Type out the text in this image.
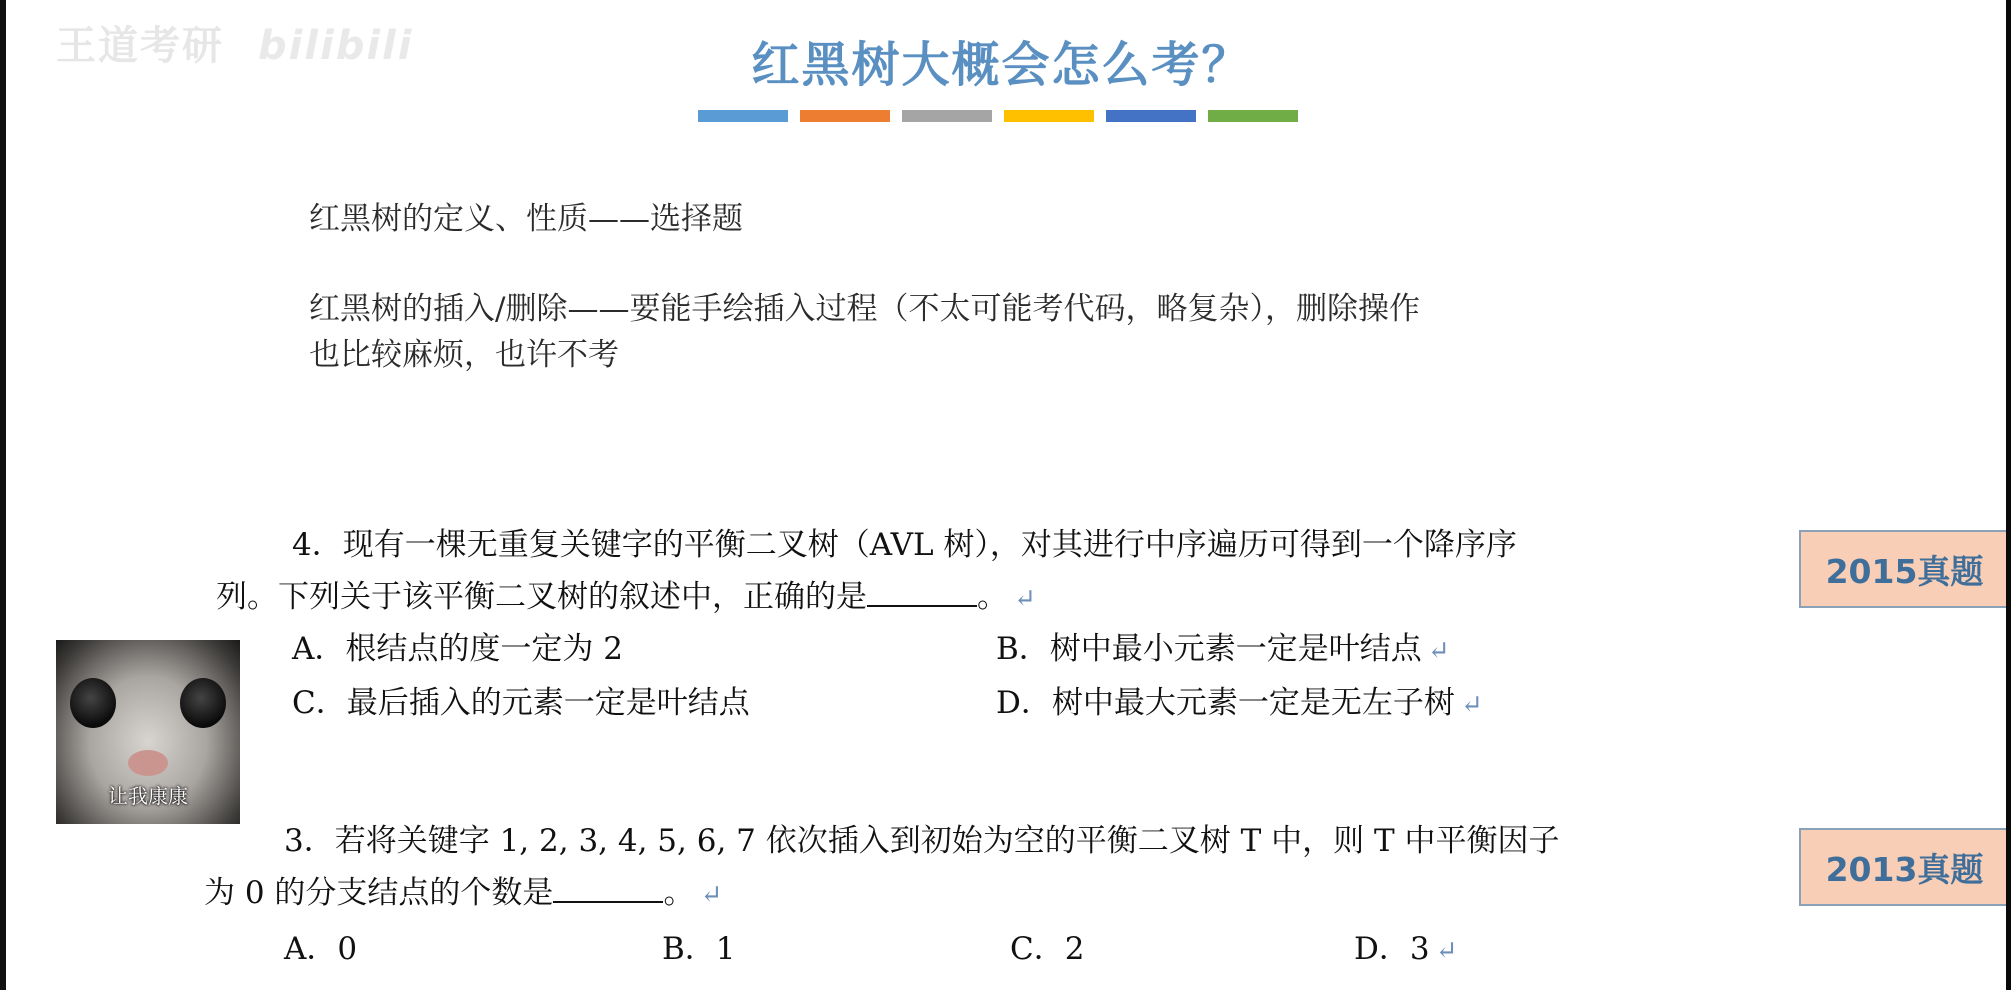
王道考研 bilibili	红黑树大概会怎么考？
红黑树的定义、性质——选择题
红黑树的插入/删除——要能手绘插入过程（不太可能考代码，略复杂），删除操作
也比较麻烦，也许不考
4．现有一棵无重复关键字的平衡二叉树（AVL 树），对其进行中序遍历可得到一个降序序
列。下列关于该平衡二叉树的叙述中，正确的是	。 ↵
A．根结点的度一定为 2	B．树中最小元素一定是叶结点 ↵
C．最后插入的元素一定是叶结点	D．树中最大元素一定是无左子树 ↵
2015真题
让我康康
3．若将关键字 1, 2, 3, 4, 5, 6, 7 依次插入到初始为空的平衡二叉树 T 中，则 T 中平衡因子
为 0 的分支结点的个数是	。 ↵
A．0	B．1	C．2	D．3 ↵
2013真题
